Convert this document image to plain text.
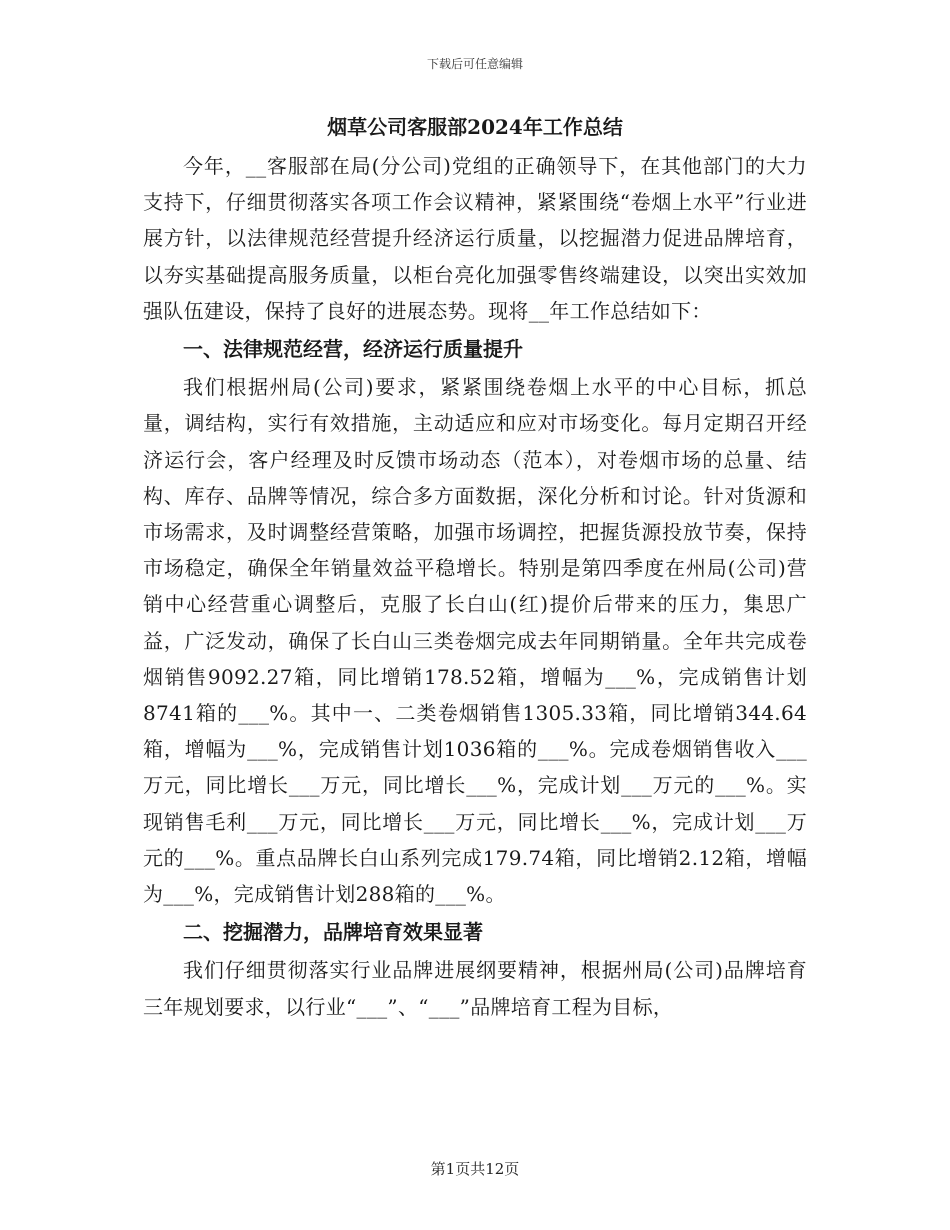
下载后可任意编辑
烟草公司客服部2024年工作总结

今年，__客服部在局(分公司)党组的正确领导下，在其他部门的大力支持下，仔细贯彻落实各项工作会议精神，紧紧围绕“卷烟上水平”行业进展方针，以法律规范经营提升经济运行质量，以挖掘潜力促进品牌培育，以夯实基础提高服务质量，以柜台亮化加强零售终端建设，以突出实效加强队伍建设，保持了良好的进展态势。现将__年工作总结如下：

一、法律规范经营，经济运行质量提升

我们根据州局(公司)要求，紧紧围绕卷烟上水平的中心目标，抓总量，调结构，实行有效措施，主动适应和应对市场变化。每月定期召开经济运行会，客户经理及时反馈市场动态（范本），对卷烟市场的总量、结构、库存、品牌等情况，综合多方面数据，深化分析和讨论。针对货源和市场需求，及时调整经营策略，加强市场调控，把握货源投放节奏，保持市场稳定，确保全年销量效益平稳增长。特别是第四季度在州局(公司)营销中心经营重心调整后，克服了长白山(红)提价后带来的压力，集思广益，广泛发动，确保了长白山三类卷烟完成去年同期销量。全年共完成卷烟销售9092.27箱，同比增销178.52箱，增幅为___%，完成销售计划8741箱的___%。其中一、二类卷烟销售1305.33箱，同比增销344.64箱，增幅为___%，完成销售计划1036箱的___%。完成卷烟销售收入___万元，同比增长___万元，同比增长___%，完成计划___万元的___%。实现销售毛利___万元，同比增长___万元，同比增长___%，完成计划___万元的___%。重点品牌长白山系列完成179.74箱，同比增销2.12箱，增幅为___%，完成销售计划288箱的___%。

二、挖掘潜力，品牌培育效果显著

我们仔细贯彻落实行业品牌进展纲要精神，根据州局(公司)品牌培育三年规划要求，以行业“___”、“___”品牌培育工程为目标，

第1页共12页
